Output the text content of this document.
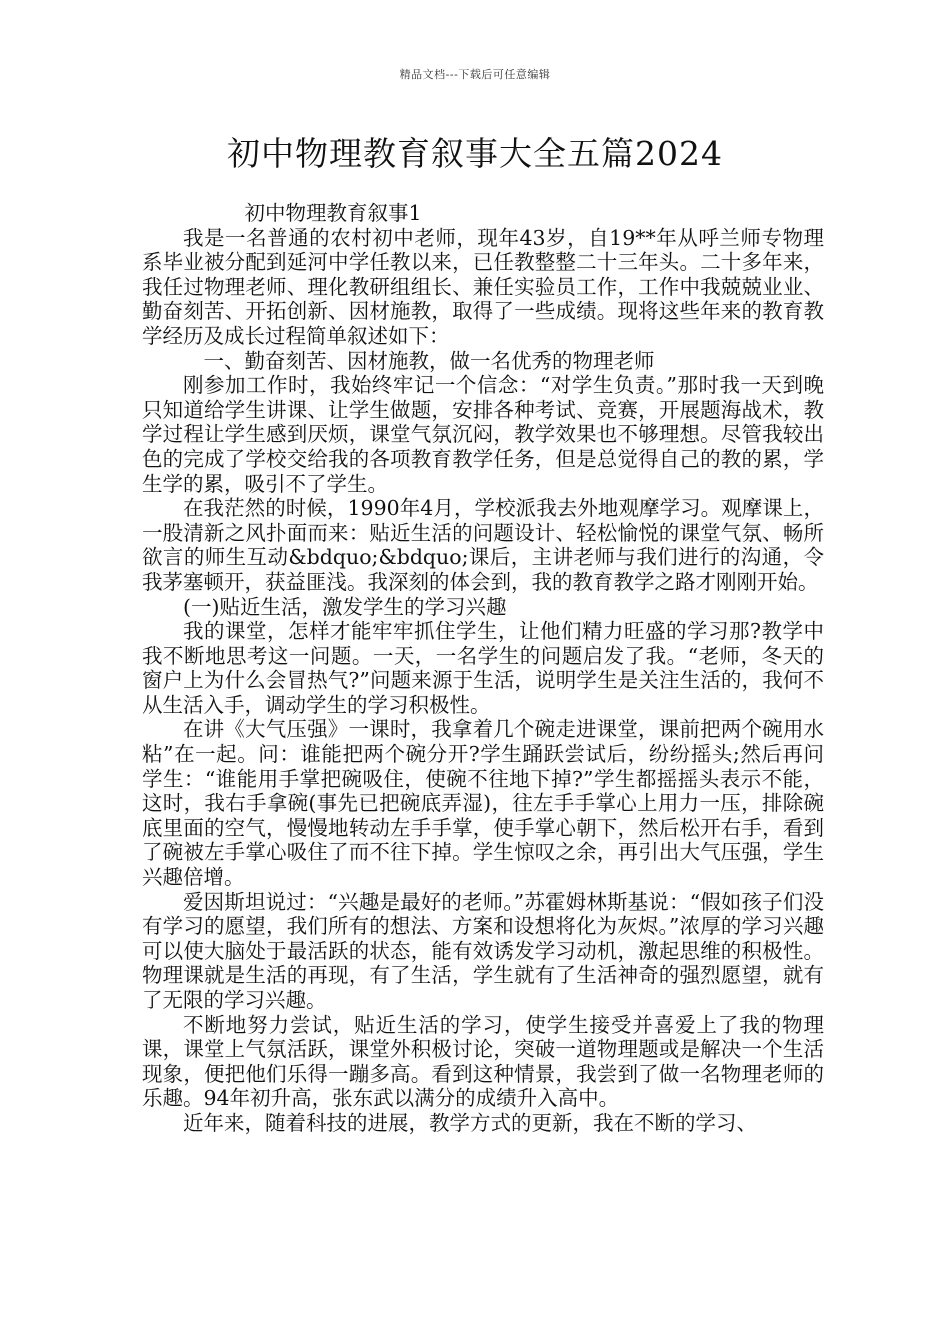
精品文档---下载后可任意编辑
初中物理教育叙事大全五篇2024

初中物理教育叙事1

我是一名普通的农村初中老师，现年43岁，自19**年从呼兰师专物理系毕业被分配到延河中学任教以来，已任教整整二十三年头。二十多年来，我任过物理老师、理化教研组组长、兼任实验员工作，工作中我兢兢业业、勤奋刻苦、开拓创新、因材施教，取得了一些成绩。现将这些年来的教育教学经历及成长过程简单叙述如下：

一、勤奋刻苦、因材施教，做一名优秀的物理老师

刚参加工作时，我始终牢记一个信念：“对学生负责。”那时我一天到晚只知道给学生讲课、让学生做题，安排各种考试、竞赛，开展题海战术，教学过程让学生感到厌烦，课堂气氛沉闷，教学效果也不够理想。尽管我较出色的完成了学校交给我的各项教育教学任务，但是总觉得自己的教的累，学生学的累，吸引不了学生。

在我茫然的时候，1990年4月，学校派我去外地观摩学习。观摩课上，一股清新之风扑面而来：贴近生活的问题设计、轻松愉悦的课堂气氛、畅所欲言的师生互动&bdquo;&bdquo;课后，主讲老师与我们进行的沟通，令我茅塞顿开，获益匪浅。我深刻的体会到，我的教育教学之路才刚刚开始。

(一)贴近生活，激发学生的学习兴趣

我的课堂，怎样才能牢牢抓住学生，让他们精力旺盛的学习那?教学中我不断地思考这一问题。一天，一名学生的问题启发了我。“老师，冬天的窗户上为什么会冒热气?”问题来源于生活，说明学生是关注生活的，我何不从生活入手，调动学生的学习积极性。

在讲《大气压强》一课时，我拿着几个碗走进课堂，课前把两个碗用水粘”在一起。问：谁能把两个碗分开?学生踊跃尝试后，纷纷摇头;然后再问学生：“谁能用手掌把碗吸住，使碗不往地下掉?”学生都摇摇头表示不能，这时，我右手拿碗(事先已把碗底弄湿)，往左手手掌心上用力一压，排除碗底里面的空气，慢慢地转动左手手掌，使手掌心朝下，然后松开右手，看到了碗被左手掌心吸住了而不往下掉。学生惊叹之余，再引出大气压强，学生兴趣倍增。

爱因斯坦说过：“兴趣是最好的老师。”苏霍姆林斯基说：“假如孩子们没有学习的愿望，我们所有的想法、方案和设想将化为灰烬。”浓厚的学习兴趣可以使大脑处于最活跃的状态，能有效诱发学习动机，激起思维的积极性。物理课就是生活的再现，有了生活，学生就有了生活神奇的强烈愿望，就有了无限的学习兴趣。

不断地努力尝试，贴近生活的学习，使学生接受并喜爱上了我的物理课，课堂上气氛活跃，课堂外积极讨论，突破一道物理题或是解决一个生活现象，便把他们乐得一蹦多高。看到这种情景，我尝到了做一名物理老师的乐趣。94年初升高，张东武以满分的成绩升入高中。

近年来，随着科技的进展，教学方式的更新，我在不断的学习、
